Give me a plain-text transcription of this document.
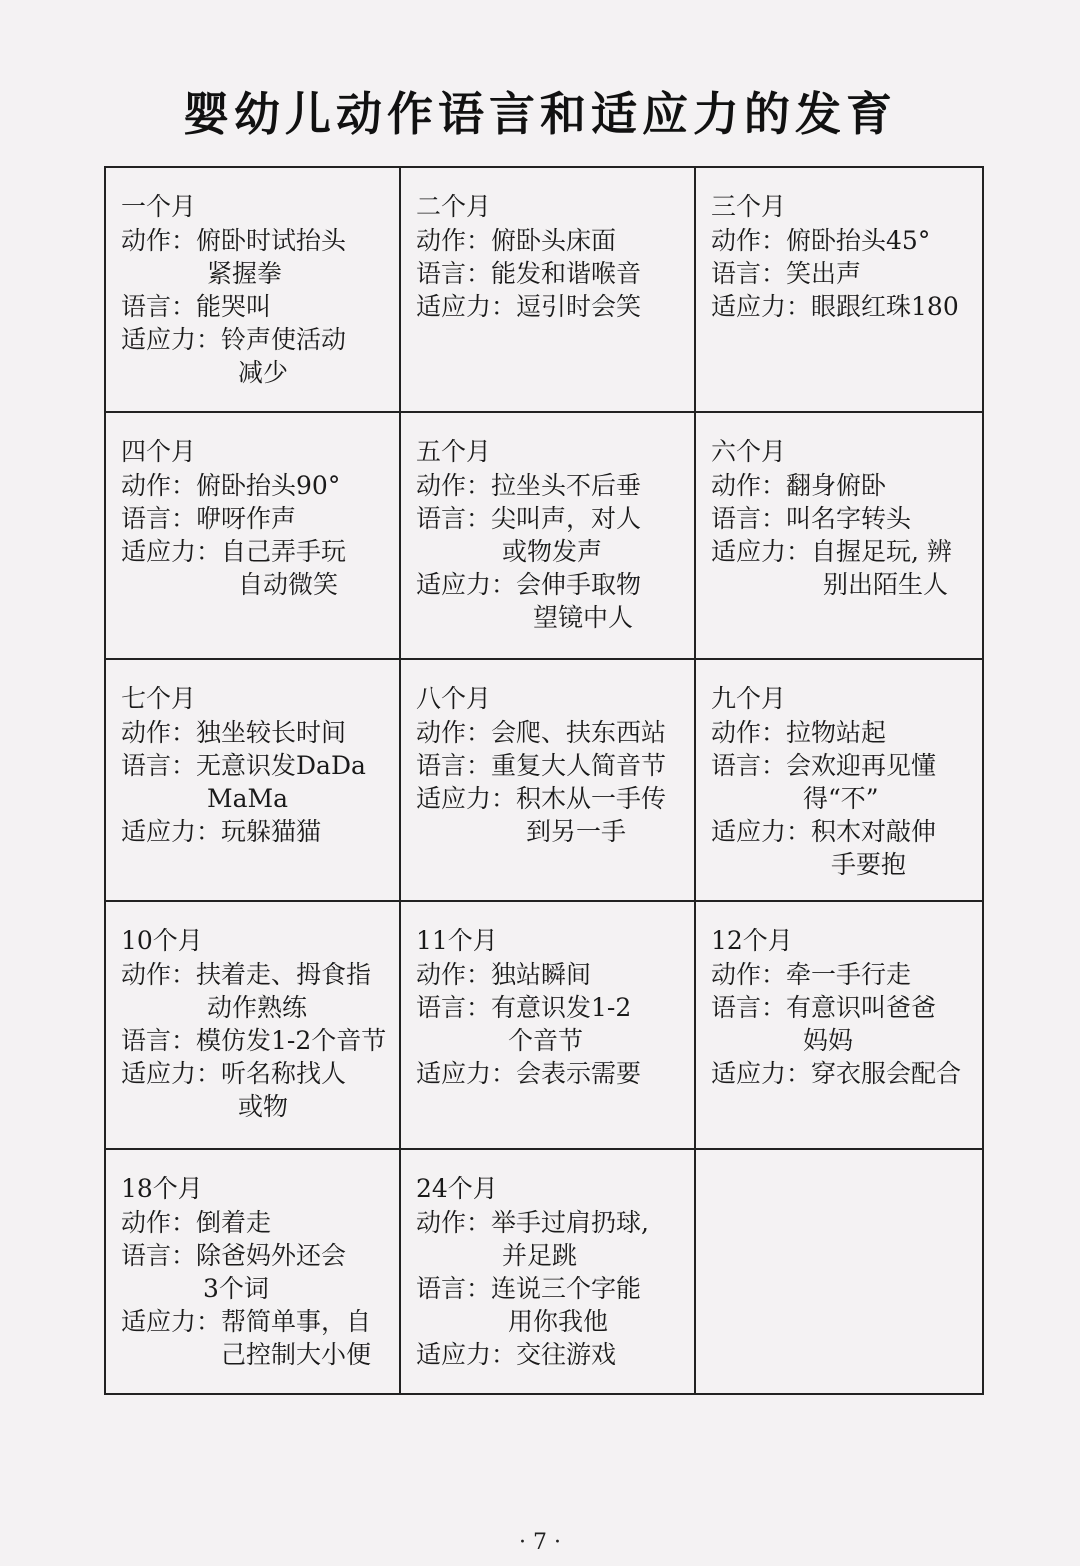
婴幼儿动作语言和适应力的发育
一个月
动作：俯卧时试抬头
紧握拳
语言：能哭叫
适应力：铃声使活动
减少
二个月
动作：俯卧头床面
语言：能发和谐喉音
适应力：逗引时会笑
三个月
动作：俯卧抬头45°
语言：笑出声
适应力：眼跟红珠180
四个月
动作：俯卧抬头90°
语言：咿呀作声
适应力：自己弄手玩
自动微笑
五个月
动作：拉坐头不后垂
语言：尖叫声，对人
或物发声
适应力：会伸手取物
望镜中人
六个月
动作：翻身俯卧
语言：叫名字转头
适应力：自握足玩, 辨
别出陌生人
七个月
动作：独坐较长时间
语言：无意识发DaDa
MaMa
适应力：玩躲猫猫
八个月
动作：会爬、扶东西站
语言：重复大人简音节
适应力：积木从一手传
到另一手
九个月
动作：拉物站起
语言：会欢迎再见懂
得“不”
适应力：积木对敲伸
手要抱
10个月
动作：扶着走、拇食指
动作熟练
语言：模仿发1-2个音节
适应力：听名称找人
或物
11个月
动作：独站瞬间
语言：有意识发1-2
个音节
适应力：会表示需要
12个月
动作：牵一手行走
语言：有意识叫爸爸
妈妈
适应力：穿衣服会配合
18个月
动作：倒着走
语言：除爸妈外还会
3个词
适应力：帮简单事，自
己控制大小便
24个月
动作：举手过肩扔球,
并足跳
语言：连说三个字能
用你我他
适应力：交往游戏
· 7 ·
